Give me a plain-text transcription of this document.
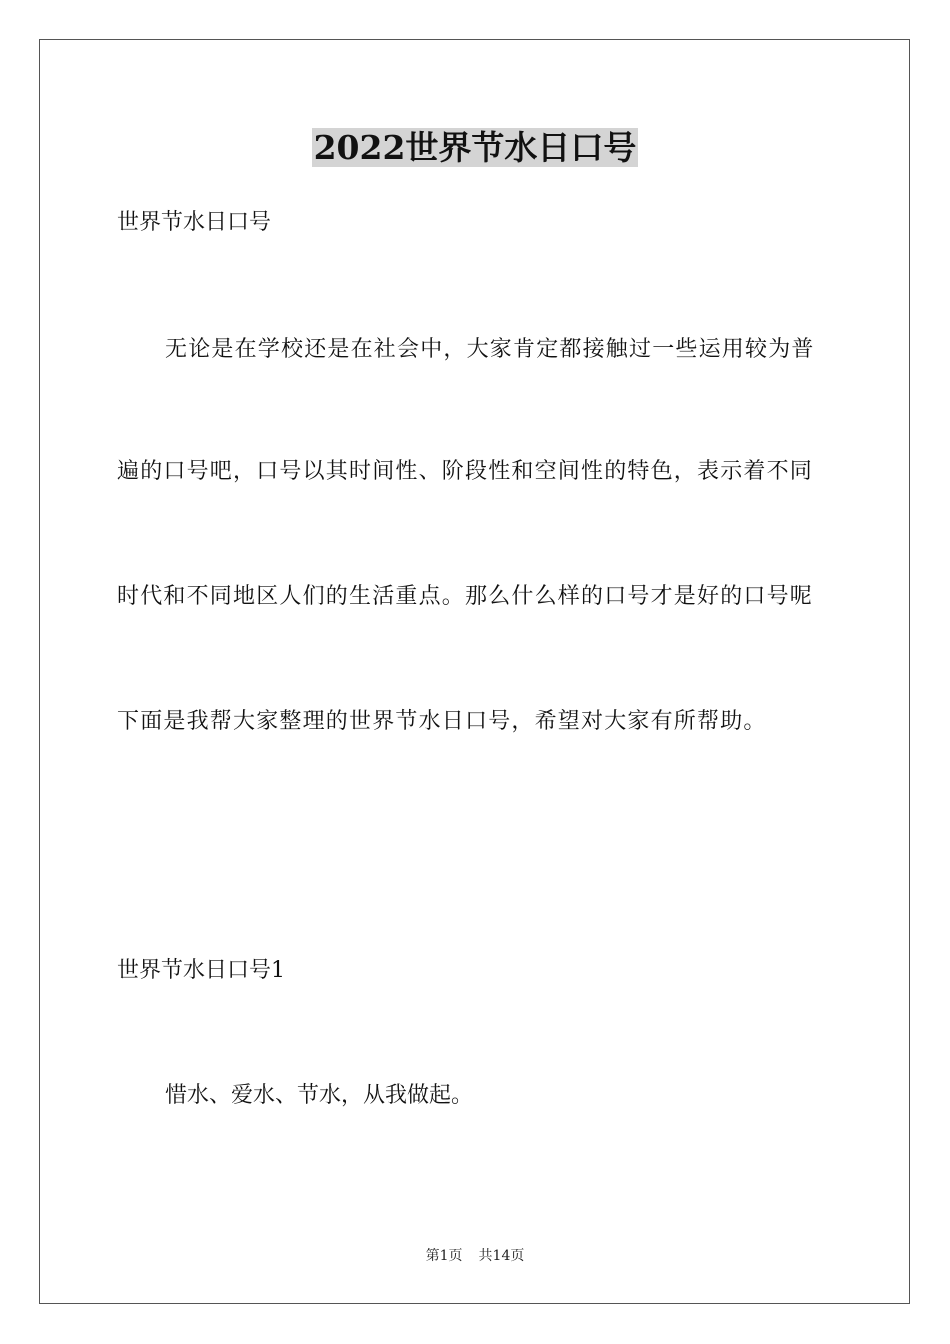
2022世界节水日口号
世界节水日口号
无论是在学校还是在社会中，大家肯定都接触过一些运用较为普
遍的口号吧，口号以其时间性、阶段性和空间性的特色，表示着不同
时代和不同地区人们的生活重点。那么什么样的口号才是好的口号呢
下面是我帮大家整理的世界节水日口号，希望对大家有所帮助。
世界节水日口号1
惜水、爱水、节水，从我做起。
第1页 共14页
